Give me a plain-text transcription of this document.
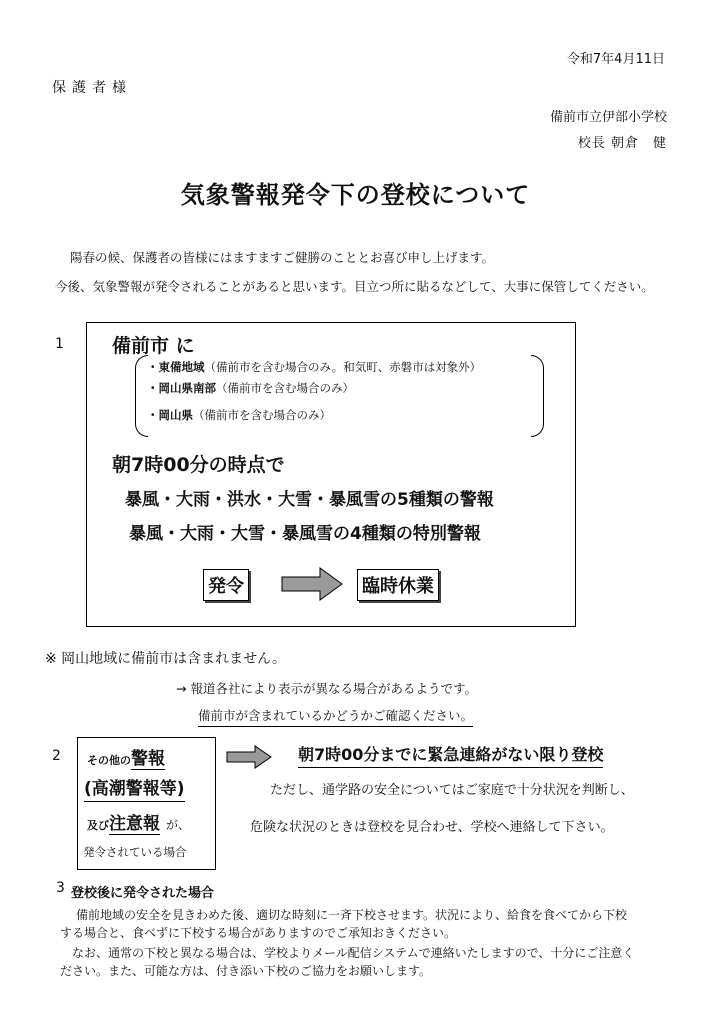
令和7年4月11日
保護者様
備前市立伊部小学校
校長 朝倉　健
気象警報発令下の登校について
陽春の候、保護者の皆様にはますますご健勝のこととお喜び申し上げます。
今後、気象警報が発令されることがあると思います。目立つ所に貼るなどして、大事に保管してください。
1	備前市 に
・東備地域（備前市を含む場合のみ。和気町、赤磐市は対象外）
・岡山県南部（備前市を含む場合のみ）
・岡山県（備前市を含む場合のみ）
朝7時00分の時点で
暴風・大雨・洪水・大雪・暴風雪の5種類の警報
暴風・大雨・大雪・暴風雪の4種類の特別警報
発令	臨時休業
※ 岡山地域に備前市は含まれません。
→ 報道各社により表示が異なる場合があるようです。
備前市が含まれているかどうかご確認ください。
2 その他の警報
(高潮警報等)
及び注意報 が、
発令されている場合
朝7時00分までに緊急連絡がない限り登校
ただし、通学路の安全についてはご家庭で十分状況を判断し、
危険な状況のときは登校を見合わせ、学校へ連絡して下さい。
3 登校後に発令された場合
備前地域の安全を見きわめた後、適切な時刻に一斉下校させます。状況により、給食を食べてから下校
する場合と、食べずに下校する場合がありますのでご承知おきください。
なお、通常の下校と異なる場合は、学校よりメール配信システムで連絡いたしますので、十分にご注意く
ださい。また、可能な方は、付き添い下校のご協力をお願いします。
